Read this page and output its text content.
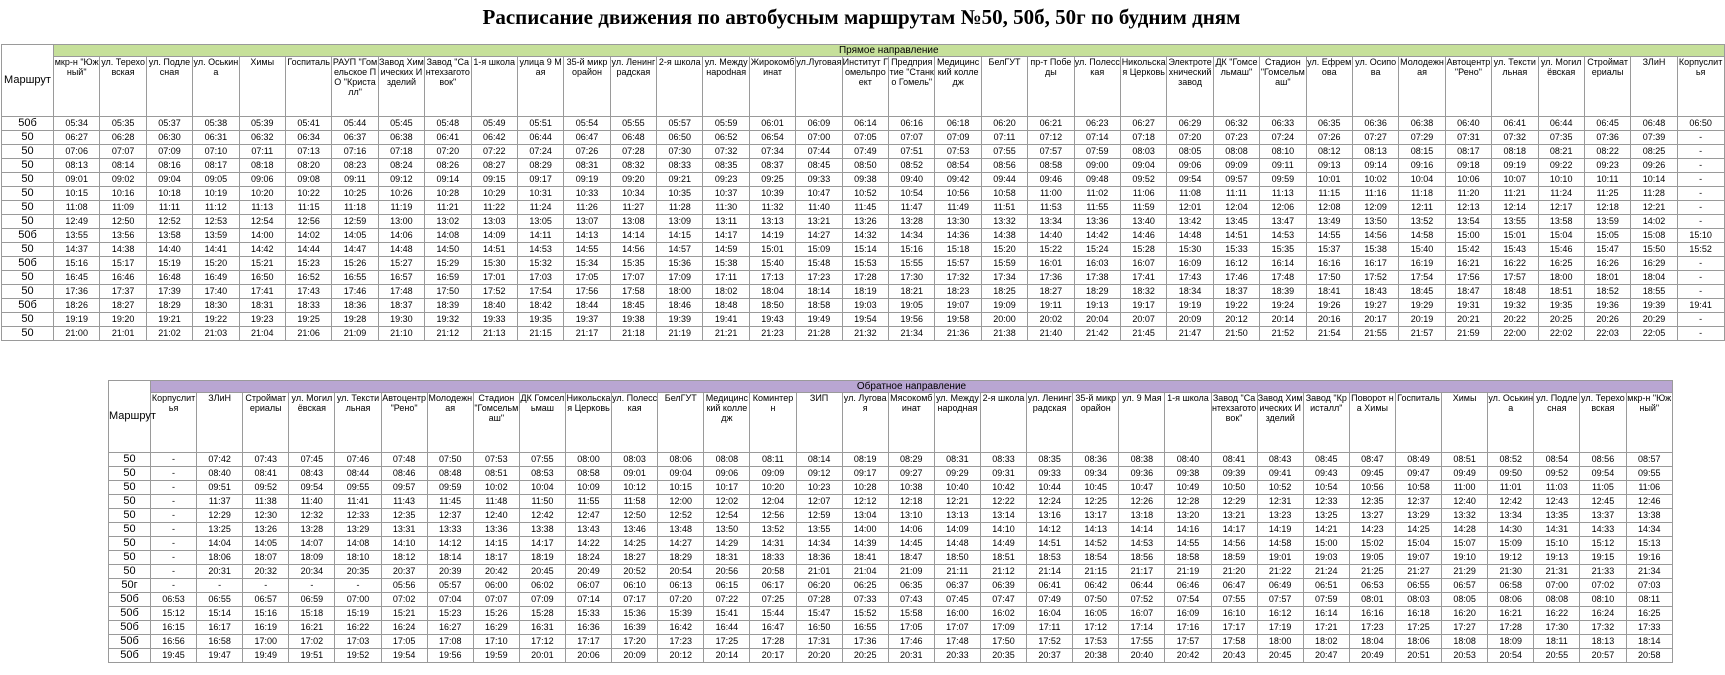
Расписание движения по автобусным маршрутам №50, 50б, 50г по будним дням
Маршрут	Прямое направление																																			
	мкр-н "Южный"	ул. Тереховская	ул. Подлесная	ул. Оськина	Химы	Госпиталь	РАУП "Гомельское ПО "Кристалл"	Завод Химических Изделий	Завод "Сантехзаготовок"	1-я школа	улица 9 Мая	35-й микрорайон	ул. Ленинградская	2-я школа	ул. Междунароdная	Жирокомбинат	ул.Луговая	Институт Гомельпроект	Предприятие "Станко Гомель"	Медицинский колледж	БелГУТ	пр-т Победы	ул. Полесская	Никольская Церковь	Электротехнический завод	ДК "Гомсельмаш"	Стадион "Гомсельмаш"	ул. Ефремова	ул. Осипова	Молодежная	Автоцентр "Рено"	ул. Текстильная	ул. Могилёвская	Стройматериалы	ЗЛиН	Корпуслитья
50б	05:34	05:35	05:37	05:38	05:39	05:41	05:44	05:45	05:48	05:49	05:51	05:54	05:55	05:57	05:59	06:01	06:09	06:14	06:16	06:18	06:20	06:21	06:23	06:27	06:29	06:32	06:33	06:35	06:36	06:38	06:40	06:41	06:44	06:45	06:48	06:50
50	06:27	06:28	06:30	06:31	06:32	06:34	06:37	06:38	06:41	06:42	06:44	06:47	06:48	06:50	06:52	06:54	07:00	07:05	07:07	07:09	07:11	07:12	07:14	07:18	07:20	07:23	07:24	07:26	07:27	07:29	07:31	07:32	07:35	07:36	07:39	-
50	07:06	07:07	07:09	07:10	07:11	07:13	07:16	07:18	07:20	07:22	07:24	07:26	07:28	07:30	07:32	07:34	07:44	07:49	07:51	07:53	07:55	07:57	07:59	08:03	08:05	08:08	08:10	08:12	08:13	08:15	08:17	08:18	08:21	08:22	08:25	-
50	08:13	08:14	08:16	08:17	08:18	08:20	08:23	08:24	08:26	08:27	08:29	08:31	08:32	08:33	08:35	08:37	08:45	08:50	08:52	08:54	08:56	08:58	09:00	09:04	09:06	09:09	09:11	09:13	09:14	09:16	09:18	09:19	09:22	09:23	09:26	-
50	09:01	09:02	09:04	09:05	09:06	09:08	09:11	09:12	09:14	09:15	09:17	09:19	09:20	09:21	09:23	09:25	09:33	09:38	09:40	09:42	09:44	09:46	09:48	09:52	09:54	09:57	09:59	10:01	10:02	10:04	10:06	10:07	10:10	10:11	10:14	-
50	10:15	10:16	10:18	10:19	10:20	10:22	10:25	10:26	10:28	10:29	10:31	10:33	10:34	10:35	10:37	10:39	10:47	10:52	10:54	10:56	10:58	11:00	11:02	11:06	11:08	11:11	11:13	11:15	11:16	11:18	11:20	11:21	11:24	11:25	11:28	-
50	11:08	11:09	11:11	11:12	11:13	11:15	11:18	11:19	11:21	11:22	11:24	11:26	11:27	11:28	11:30	11:32	11:40	11:45	11:47	11:49	11:51	11:53	11:55	11:59	12:01	12:04	12:06	12:08	12:09	12:11	12:13	12:14	12:17	12:18	12:21	-
50	12:49	12:50	12:52	12:53	12:54	12:56	12:59	13:00	13:02	13:03	13:05	13:07	13:08	13:09	13:11	13:13	13:21	13:26	13:28	13:30	13:32	13:34	13:36	13:40	13:42	13:45	13:47	13:49	13:50	13:52	13:54	13:55	13:58	13:59	14:02	-
50б	13:55	13:56	13:58	13:59	14:00	14:02	14:05	14:06	14:08	14:09	14:11	14:13	14:14	14:15	14:17	14:19	14:27	14:32	14:34	14:36	14:38	14:40	14:42	14:46	14:48	14:51	14:53	14:55	14:56	14:58	15:00	15:01	15:04	15:05	15:08	15:10
50	14:37	14:38	14:40	14:41	14:42	14:44	14:47	14:48	14:50	14:51	14:53	14:55	14:56	14:57	14:59	15:01	15:09	15:14	15:16	15:18	15:20	15:22	15:24	15:28	15:30	15:33	15:35	15:37	15:38	15:40	15:42	15:43	15:46	15:47	15:50	15:52
50б	15:16	15:17	15:19	15:20	15:21	15:23	15:26	15:27	15:29	15:30	15:32	15:34	15:35	15:36	15:38	15:40	15:48	15:53	15:55	15:57	15:59	16:01	16:03	16:07	16:09	16:12	16:14	16:16	16:17	16:19	16:21	16:22	16:25	16:26	16:29	-
50	16:45	16:46	16:48	16:49	16:50	16:52	16:55	16:57	16:59	17:01	17:03	17:05	17:07	17:09	17:11	17:13	17:23	17:28	17:30	17:32	17:34	17:36	17:38	17:41	17:43	17:46	17:48	17:50	17:52	17:54	17:56	17:57	18:00	18:01	18:04	-
50	17:36	17:37	17:39	17:40	17:41	17:43	17:46	17:48	17:50	17:52	17:54	17:56	17:58	18:00	18:02	18:04	18:14	18:19	18:21	18:23	18:25	18:27	18:29	18:32	18:34	18:37	18:39	18:41	18:43	18:45	18:47	18:48	18:51	18:52	18:55	-
50б	18:26	18:27	18:29	18:30	18:31	18:33	18:36	18:37	18:39	18:40	18:42	18:44	18:45	18:46	18:48	18:50	18:58	19:03	19:05	19:07	19:09	19:11	19:13	19:17	19:19	19:22	19:24	19:26	19:27	19:29	19:31	19:32	19:35	19:36	19:39	19:41
50	19:19	19:20	19:21	19:22	19:23	19:25	19:28	19:30	19:32	19:33	19:35	19:37	19:38	19:39	19:41	19:43	19:49	19:54	19:56	19:58	20:00	20:02	20:04	20:07	20:09	20:12	20:14	20:16	20:17	20:19	20:21	20:22	20:25	20:26	20:29	-
50	21:00	21:01	21:02	21:03	21:04	21:06	21:09	21:10	21:12	21:13	21:15	21:17	21:18	21:19	21:21	21:23	21:28	21:32	21:34	21:36	21:38	21:40	21:42	21:45	21:47	21:50	21:52	21:54	21:55	21:57	21:59	22:00	22:02	22:03	22:05	-
Маршрут	Обратное направление																																
	Корпуслитья	ЗЛиН	Стройматериалы	ул. Могилёвская	ул. Текстильная	Автоцентр "Рено"	Молодежная	Стадион "Гомсельмаш"	ДК Гомсельмаш	Никольская Церковь	ул. Полесская	БелГУТ	Медицинский колледж	Коминтерн	ЗИП	ул. Луговая	Мясокомбинат	ул. Международная	2-я школа	ул. Ленинградская	35-й микрорайон	ул. 9 Мая	1-я школа	Завод "Сантехзаготовок"	Завод Химических Изделий	Завод "Кристалл"	Поворот на Химы	Госпиталь	Химы	ул. Оськина	ул. Подлесная	ул. Тереховская	мкр-н "Южный"
50	-	07:42	07:43	07:45	07:46	07:48	07:50	07:53	07:55	08:00	08:03	08:06	08:08	08:11	08:14	08:19	08:29	08:31	08:33	08:35	08:36	08:38	08:40	08:41	08:43	08:45	08:47	08:49	08:51	08:52	08:54	08:56	08:57
50	-	08:40	08:41	08:43	08:44	08:46	08:48	08:51	08:53	08:58	09:01	09:04	09:06	09:09	09:12	09:17	09:27	09:29	09:31	09:33	09:34	09:36	09:38	09:39	09:41	09:43	09:45	09:47	09:49	09:50	09:52	09:54	09:55
50	-	09:51	09:52	09:54	09:55	09:57	09:59	10:02	10:04	10:09	10:12	10:15	10:17	10:20	10:23	10:28	10:38	10:40	10:42	10:44	10:45	10:47	10:49	10:50	10:52	10:54	10:56	10:58	11:00	11:01	11:03	11:05	11:06
50	-	11:37	11:38	11:40	11:41	11:43	11:45	11:48	11:50	11:55	11:58	12:00	12:02	12:04	12:07	12:12	12:18	12:21	12:22	12:24	12:25	12:26	12:28	12:29	12:31	12:33	12:35	12:37	12:40	12:42	12:43	12:45	12:46
50	-	12:29	12:30	12:32	12:33	12:35	12:37	12:40	12:42	12:47	12:50	12:52	12:54	12:56	12:59	13:04	13:10	13:13	13:14	13:16	13:17	13:18	13:20	13:21	13:23	13:25	13:27	13:29	13:32	13:34	13:35	13:37	13:38
50	-	13:25	13:26	13:28	13:29	13:31	13:33	13:36	13:38	13:43	13:46	13:48	13:50	13:52	13:55	14:00	14:06	14:09	14:10	14:12	14:13	14:14	14:16	14:17	14:19	14:21	14:23	14:25	14:28	14:30	14:31	14:33	14:34
50	-	14:04	14:05	14:07	14:08	14:10	14:12	14:15	14:17	14:22	14:25	14:27	14:29	14:31	14:34	14:39	14:45	14:48	14:49	14:51	14:52	14:53	14:55	14:56	14:58	15:00	15:02	15:04	15:07	15:09	15:10	15:12	15:13
50	-	18:06	18:07	18:09	18:10	18:12	18:14	18:17	18:19	18:24	18:27	18:29	18:31	18:33	18:36	18:41	18:47	18:50	18:51	18:53	18:54	18:56	18:58	18:59	19:01	19:03	19:05	19:07	19:10	19:12	19:13	19:15	19:16
50	-	20:31	20:32	20:34	20:35	20:37	20:39	20:42	20:45	20:49	20:52	20:54	20:56	20:58	21:01	21:04	21:09	21:11	21:12	21:14	21:15	21:17	21:19	21:20	21:22	21:24	21:25	21:27	21:29	21:30	21:31	21:33	21:34
50г	-	-	-	-	-	05:56	05:57	06:00	06:02	06:07	06:10	06:13	06:15	06:17	06:20	06:25	06:35	06:37	06:39	06:41	06:42	06:44	06:46	06:47	06:49	06:51	06:53	06:55	06:57	06:58	07:00	07:02	07:03
50б	06:53	06:55	06:57	06:59	07:00	07:02	07:04	07:07	07:09	07:14	07:17	07:20	07:22	07:25	07:28	07:33	07:43	07:45	07:47	07:49	07:50	07:52	07:54	07:55	07:57	07:59	08:01	08:03	08:05	08:06	08:08	08:10	08:11
50б	15:12	15:14	15:16	15:18	15:19	15:21	15:23	15:26	15:28	15:33	15:36	15:39	15:41	15:44	15:47	15:52	15:58	16:00	16:02	16:04	16:05	16:07	16:09	16:10	16:12	16:14	16:16	16:18	16:20	16:21	16:22	16:24	16:25
50б	16:15	16:17	16:19	16:21	16:22	16:24	16:27	16:29	16:31	16:36	16:39	16:42	16:44	16:47	16:50	16:55	17:05	17:07	17:09	17:11	17:12	17:14	17:16	17:17	17:19	17:21	17:23	17:25	17:27	17:28	17:30	17:32	17:33
50б	16:56	16:58	17:00	17:02	17:03	17:05	17:08	17:10	17:12	17:17	17:20	17:23	17:25	17:28	17:31	17:36	17:46	17:48	17:50	17:52	17:53	17:55	17:57	17:58	18:00	18:02	18:04	18:06	18:08	18:09	18:11	18:13	18:14
50б	19:45	19:47	19:49	19:51	19:52	19:54	19:56	19:59	20:01	20:06	20:09	20:12	20:14	20:17	20:20	20:25	20:31	20:33	20:35	20:37	20:38	20:40	20:42	20:43	20:45	20:47	20:49	20:51	20:53	20:54	20:55	20:57	20:58
